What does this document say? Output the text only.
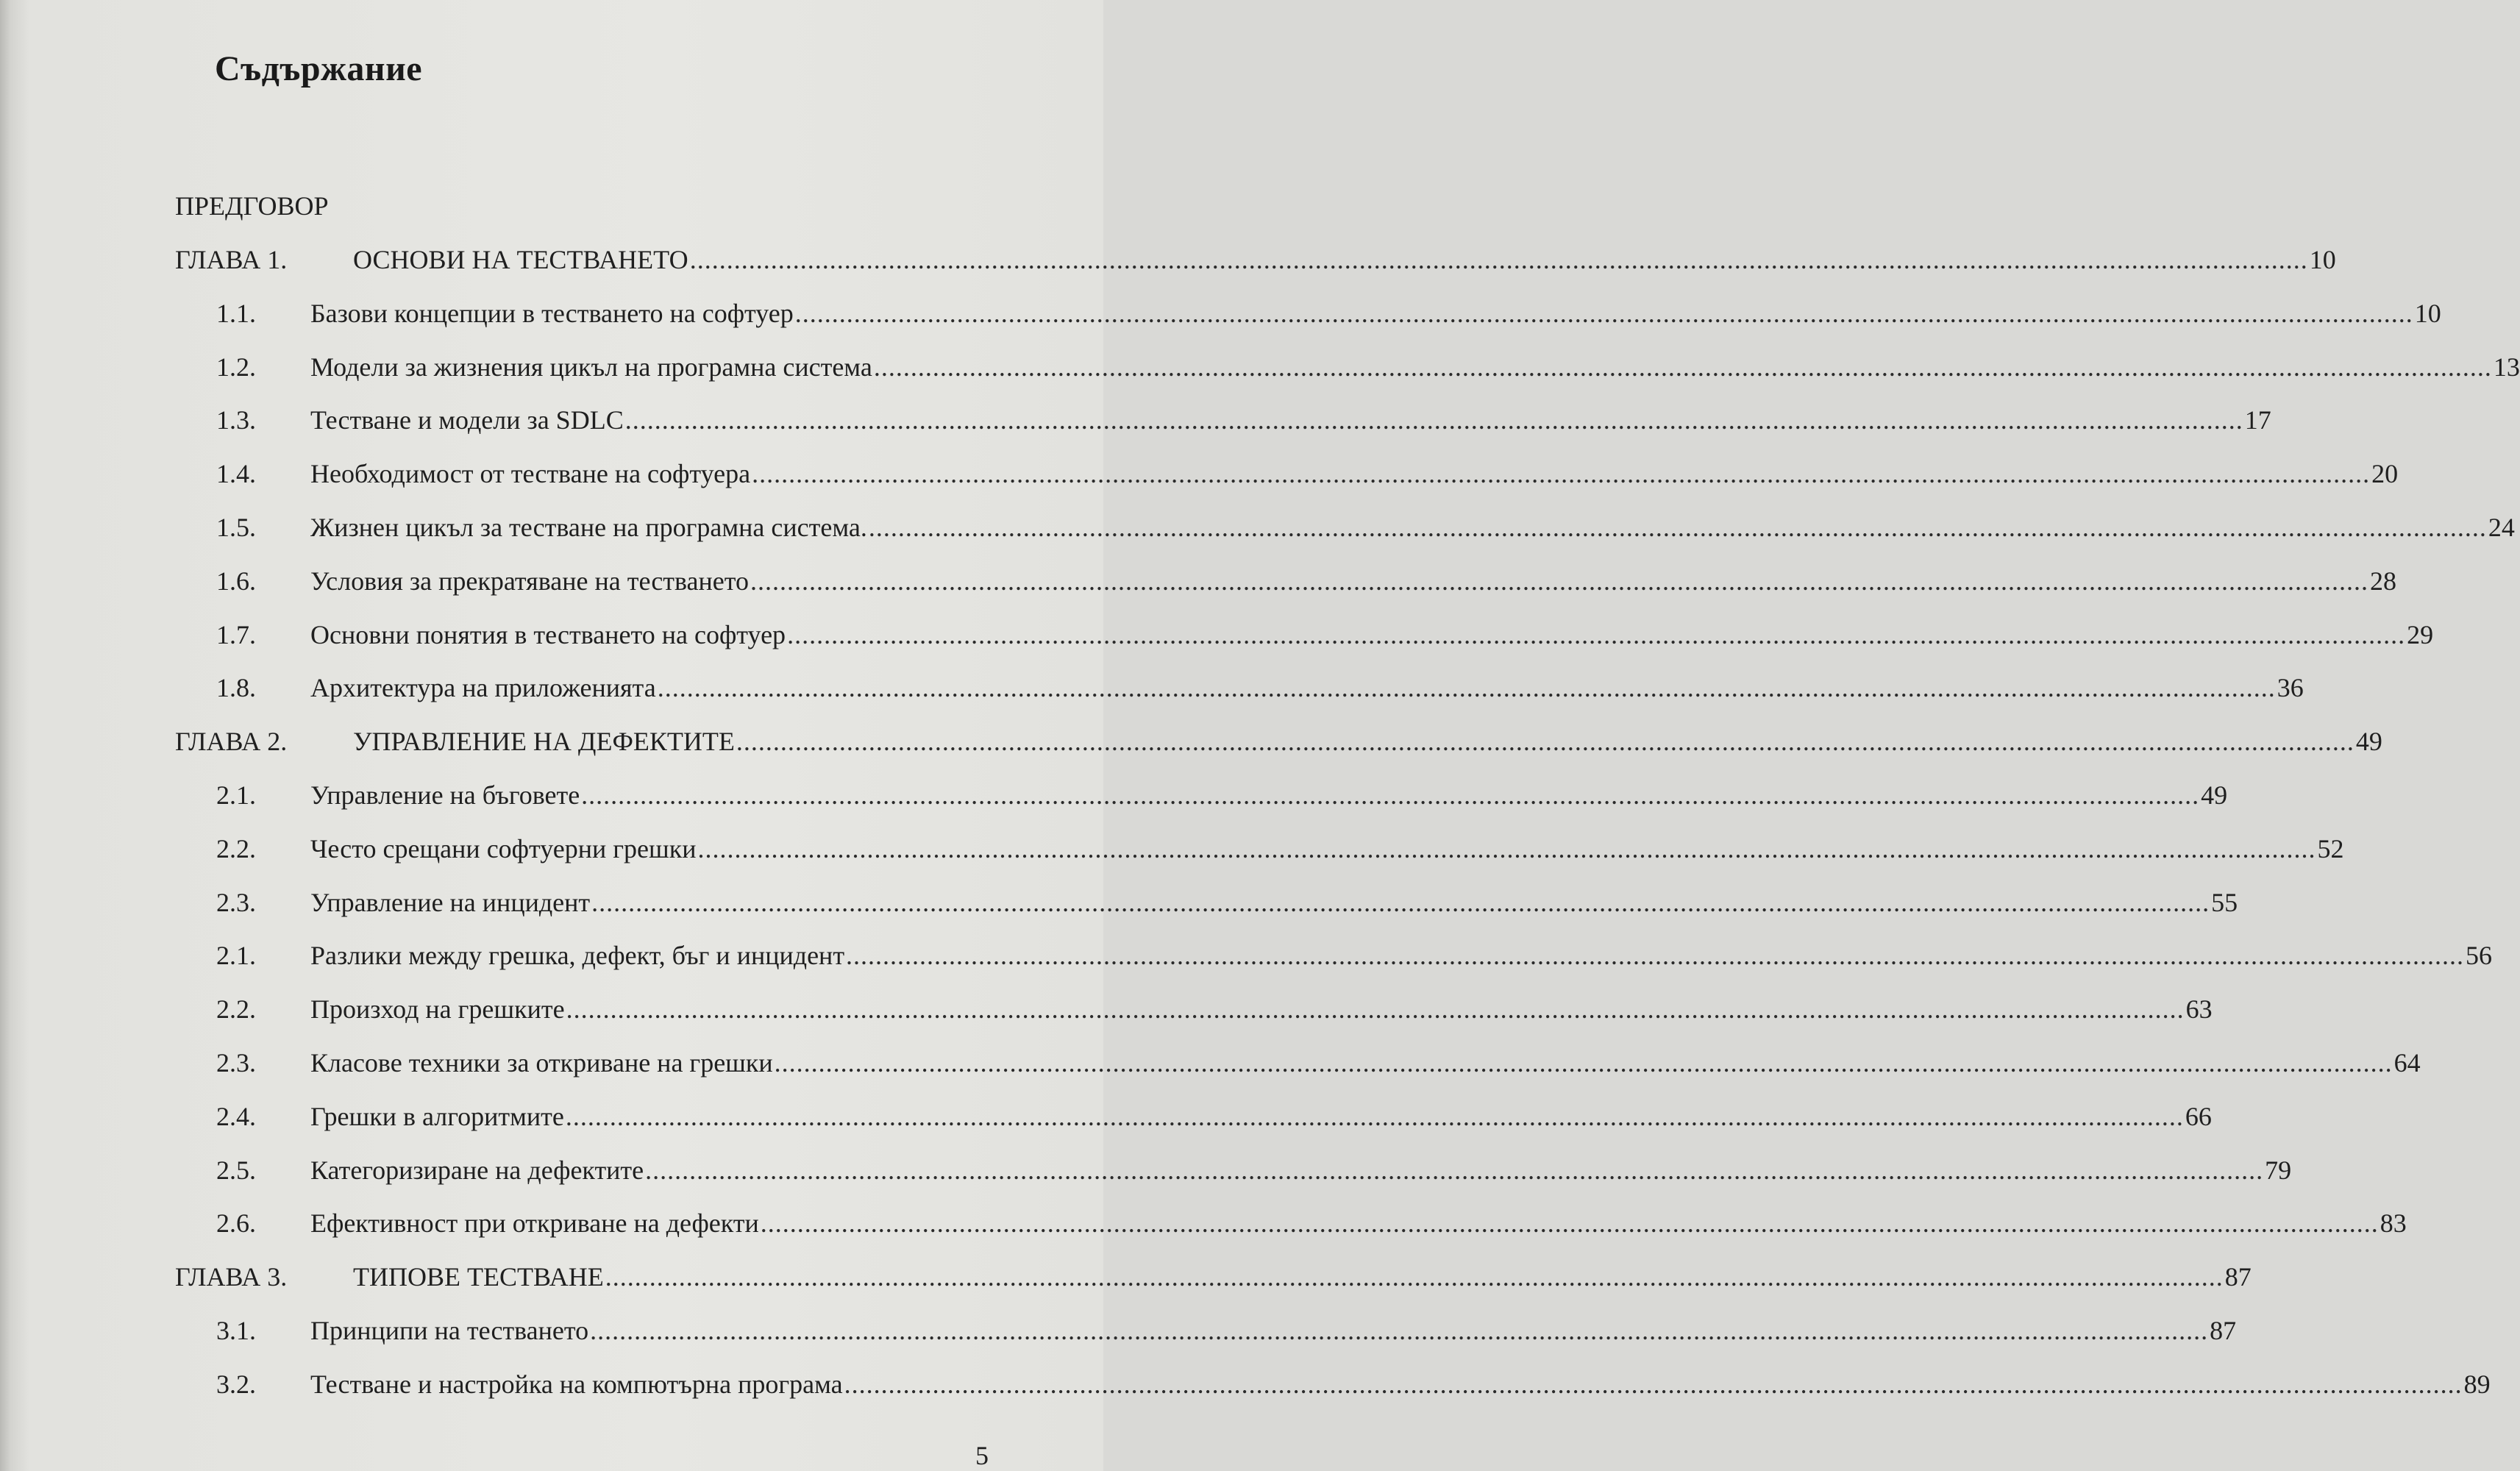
Съдържание
ПРЕДГОВОР
ГЛАВА 1. ОСНОВИ НА ТЕСТВАНЕТО ............................................................................................................................................................................................................................ 10
1.1. Базови концепции в тестването на софтуер ............................................................................................................................................................................................................................ 10
1.2. Модели за жизнения цикъл на програмна система ............................................................................................................................................................................................................................ 13
1.3. Тестване и модели за SDLC ............................................................................................................................................................................................................................ 17
1.4. Необходимост от тестване на софтуера ............................................................................................................................................................................................................................ 20
1.5. Жизнен цикъл за тестване на програмна система. ............................................................................................................................................................................................................................ 24
1.6. Условия за прекратяване на тестването ............................................................................................................................................................................................................................ 28
1.7. Основни понятия в тестването на софтуер ............................................................................................................................................................................................................................ 29
1.8. Архитектура на приложенията ............................................................................................................................................................................................................................ 36
ГЛАВА 2. УПРАВЛЕНИЕ НА ДЕФЕКТИТЕ ............................................................................................................................................................................................................................ 49
2.1. Управление на бъговете ............................................................................................................................................................................................................................ 49
2.2. Често срещани софтуерни грешки ............................................................................................................................................................................................................................ 52
2.3. Управление на инцидент ............................................................................................................................................................................................................................ 55
2.1. Разлики между грешка, дефект, бъг и инцидент ............................................................................................................................................................................................................................ 56
2.2. Произход на грешките ............................................................................................................................................................................................................................ 63
2.3. Класове техники за откриване на грешки ............................................................................................................................................................................................................................ 64
2.4. Грешки в алгоритмите ............................................................................................................................................................................................................................ 66
2.5. Категоризиране на дефектите ............................................................................................................................................................................................................................ 79
2.6. Ефективност при откриване на дефекти ............................................................................................................................................................................................................................ 83
ГЛАВА 3. ТИПОВЕ ТЕСТВАНЕ ............................................................................................................................................................................................................................ 87
3.1. Принципи на тестването ............................................................................................................................................................................................................................ 87
3.2. Тестване и настройка на компютърна програма ............................................................................................................................................................................................................................ 89
5
